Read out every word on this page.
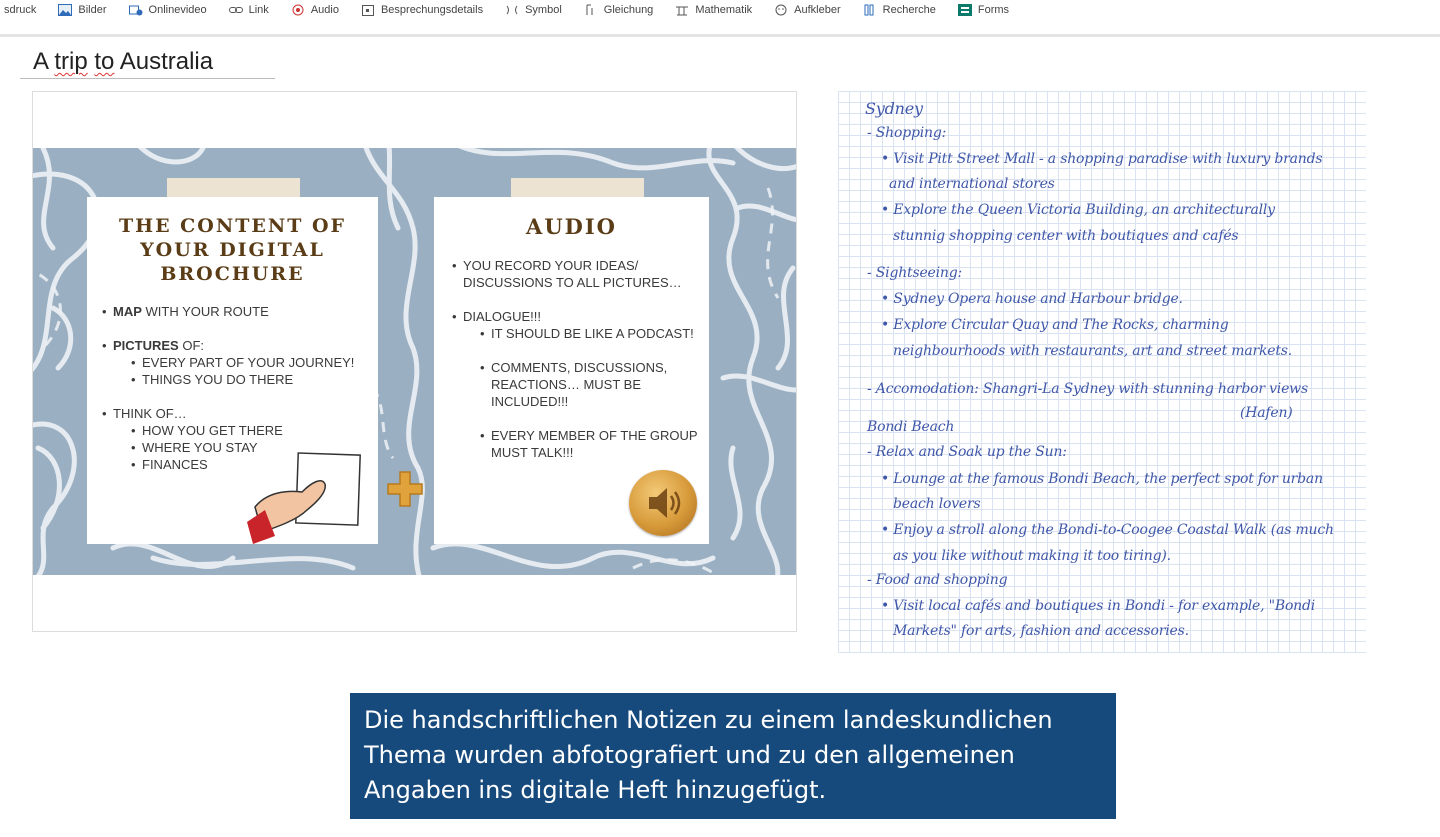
sdruck	Bilder	Onlinevideo	Link	Audio	Besprechungsdetails	Symbol	Gleichung	Mathematik	Aufkleber	Recherche	Forms
A trip to Australia
THE CONTENT OF
YOUR DIGITAL
BROCHURE
• MAP WITH YOUR ROUTE
• PICTURES OF:
• EVERY PART OF YOUR JOURNEY!
• THINGS YOU DO THERE
• THINK OF…
• HOW YOU GET THERE
• WHERE YOU STAY
• FINANCES
AUDIO
• YOU RECORD YOUR IDEAS/
DISCUSSIONS TO ALL PICTURES…
• DIALOGUE!!!
• IT SHOULD BE LIKE A PODCAST!
• COMMENTS, DISCUSSIONS,
REACTIONS… MUST BE
INCLUDED!!!
• EVERY MEMBER OF THE GROUP
MUST TALK!!!
Sydney
- Shopping:
• Visit Pitt Street Mall - a shopping paradise with luxury brands
and international stores
• Explore the Queen Victoria Building, an architecturally
stunnig shopping center with boutiques and cafés
- Sightseeing:
• Sydney Opera house and Harbour bridge.
• Explore Circular Quay and The Rocks, charming
neighbourhoods with restaurants, art and street markets.
- Accomodation: Shangri-La Sydney with stunning harbor views
(Hafen)
Bondi Beach
- Relax and Soak up the Sun:
• Lounge at the famous Bondi Beach, the perfect spot for urban
beach lovers
• Enjoy a stroll along the Bondi-to-Coogee Coastal Walk (as much
as you like without making it too tiring).
- Food and shopping
• Visit local cafés and boutiques in Bondi - for example, "Bondi
Markets" for arts, fashion and accessories.
Die handschriftlichen Notizen zu einem landeskundlichen Thema wurden abfotografiert und zu den allgemeinen Angaben ins digitale Heft hinzugefügt.
